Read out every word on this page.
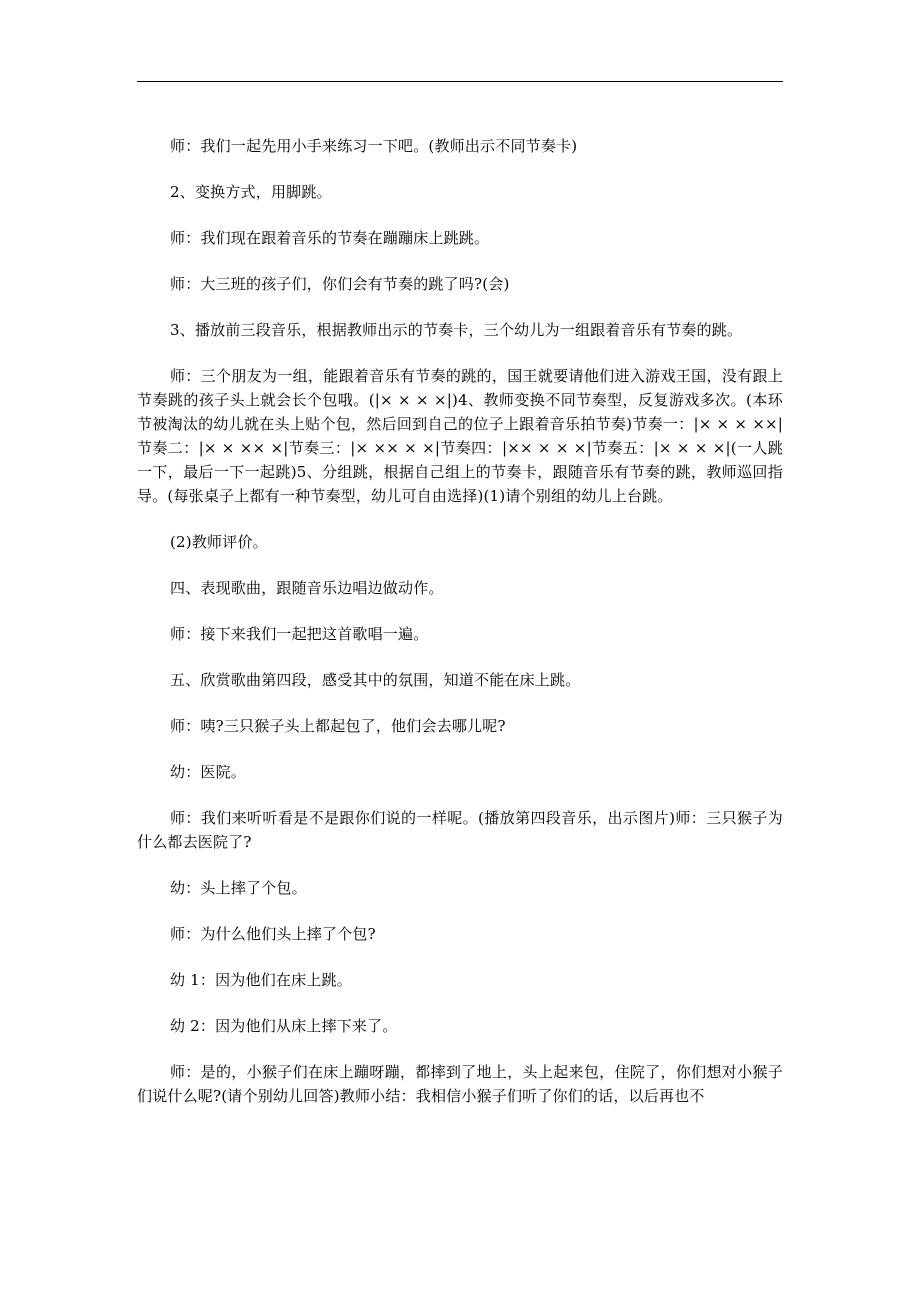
师：我们一起先用小手来练习一下吧。(教师出示不同节奏卡)

2、变换方式，用脚跳。

师：我们现在跟着音乐的节奏在蹦蹦床上跳跳。

师：大三班的孩子们，你们会有节奏的跳了吗?(会)

3、播放前三段音乐，根据教师出示的节奏卡，三个幼儿为一组跟着音乐有节奏的跳。

师：三个朋友为一组，能跟着音乐有节奏的跳的，国王就要请他们进入游戏王国，没有跟上节奏跳的孩子头上就会长个包哦。(|× × × ×|)4、教师变换不同节奏型，反复游戏多次。(本环节被淘汰的幼儿就在头上贴个包，然后回到自己的位子上跟着音乐拍节奏)节奏一：|× × × ××|节奏二：|× × ×× ×|节奏三：|× ×× × ×|节奏四：|×× × × ×|节奏五：|× × × ×|(一人跳一下，最后一下一起跳)5、分组跳，根据自己组上的节奏卡，跟随音乐有节奏的跳，教师巡回指导。(每张桌子上都有一种节奏型，幼儿可自由选择)(1)请个别组的幼儿上台跳。

(2)教师评价。

四、表现歌曲，跟随音乐边唱边做动作。

师：接下来我们一起把这首歌唱一遍。

五、欣赏歌曲第四段，感受其中的氛围，知道不能在床上跳。

师：咦?三只猴子头上都起包了，他们会去哪儿呢?

幼：医院。

师：我们来听听看是不是跟你们说的一样呢。(播放第四段音乐，出示图片)师：三只猴子为什么都去医院了?

幼：头上摔了个包。

师：为什么他们头上摔了个包?

幼 1：因为他们在床上跳。

幼 2：因为他们从床上摔下来了。

师：是的，小猴子们在床上蹦呀蹦，都摔到了地上，头上起来包，住院了，你们想对小猴子们说什么呢?(请个别幼儿回答)教师小结：我相信小猴子们听了你们的话，以后再也不
